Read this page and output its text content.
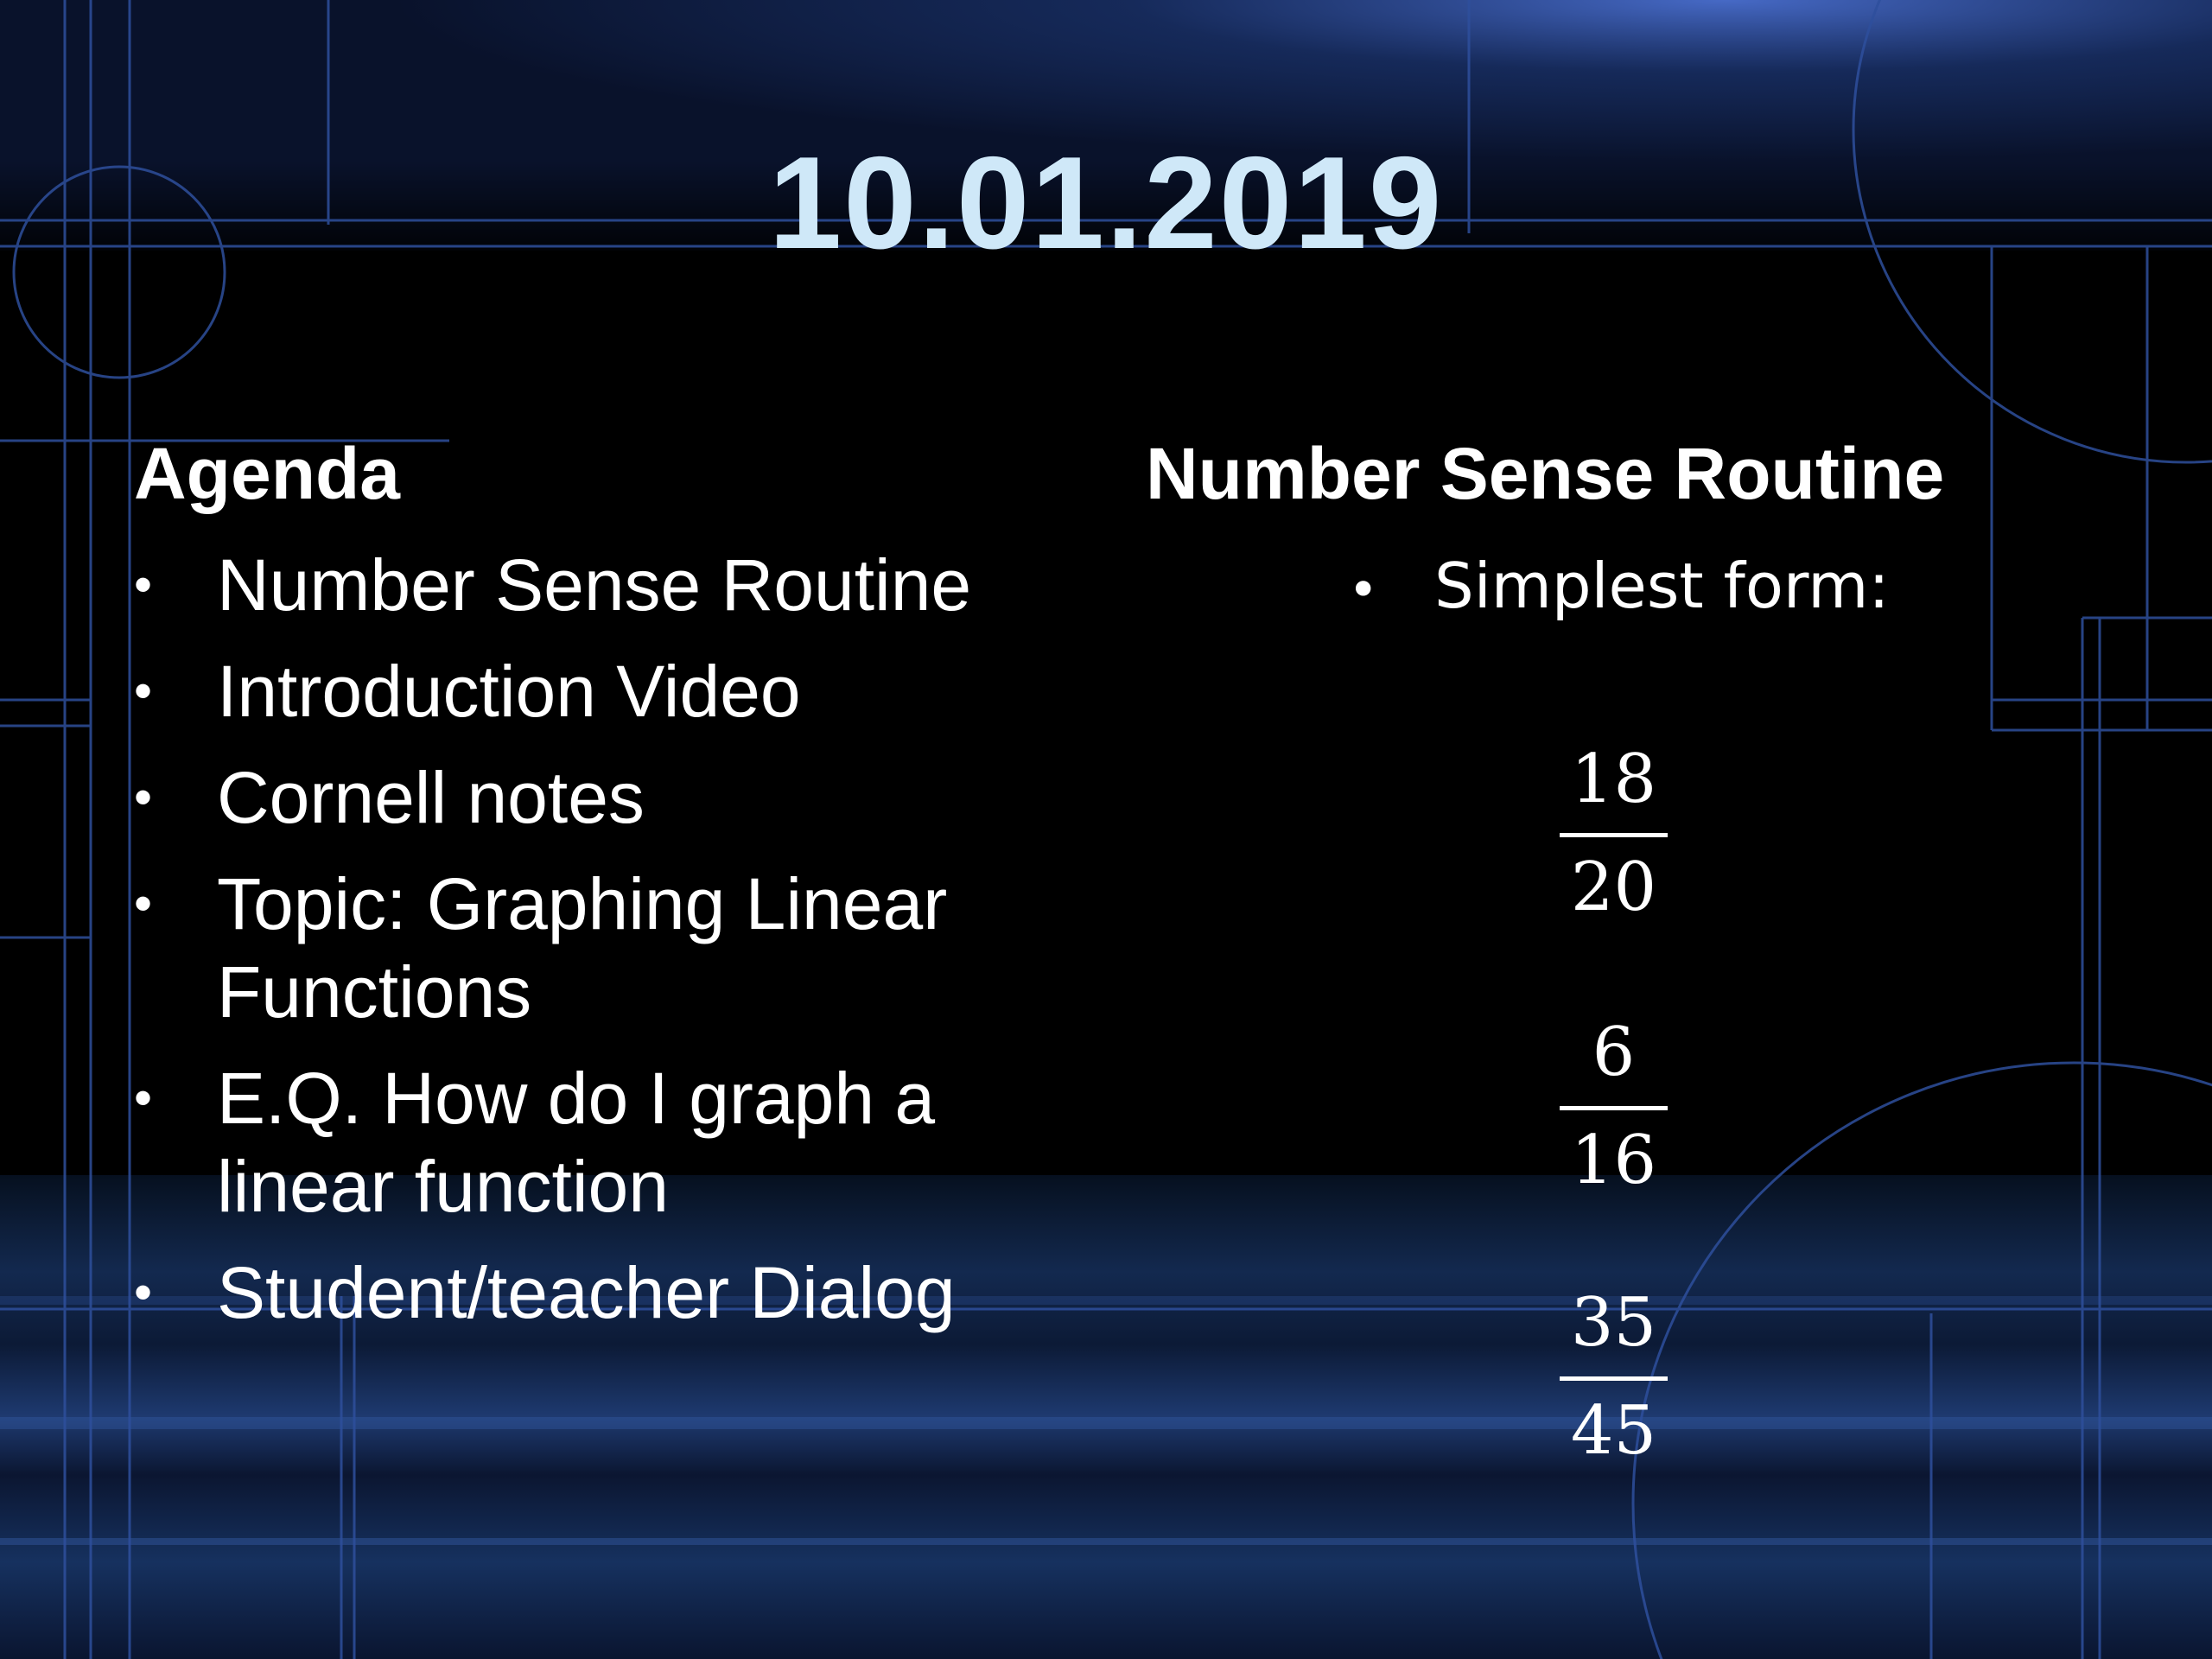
10.01.2019
Agenda
• Number Sense Routine
• Introduction Video
• Cornell notes
• Topic: Graphing Linear Functions
• E.Q. How do I graph a linear function
• Student/teacher Dialog
Number Sense Routine
• Simplest form:
18
20
6
16
35
45
